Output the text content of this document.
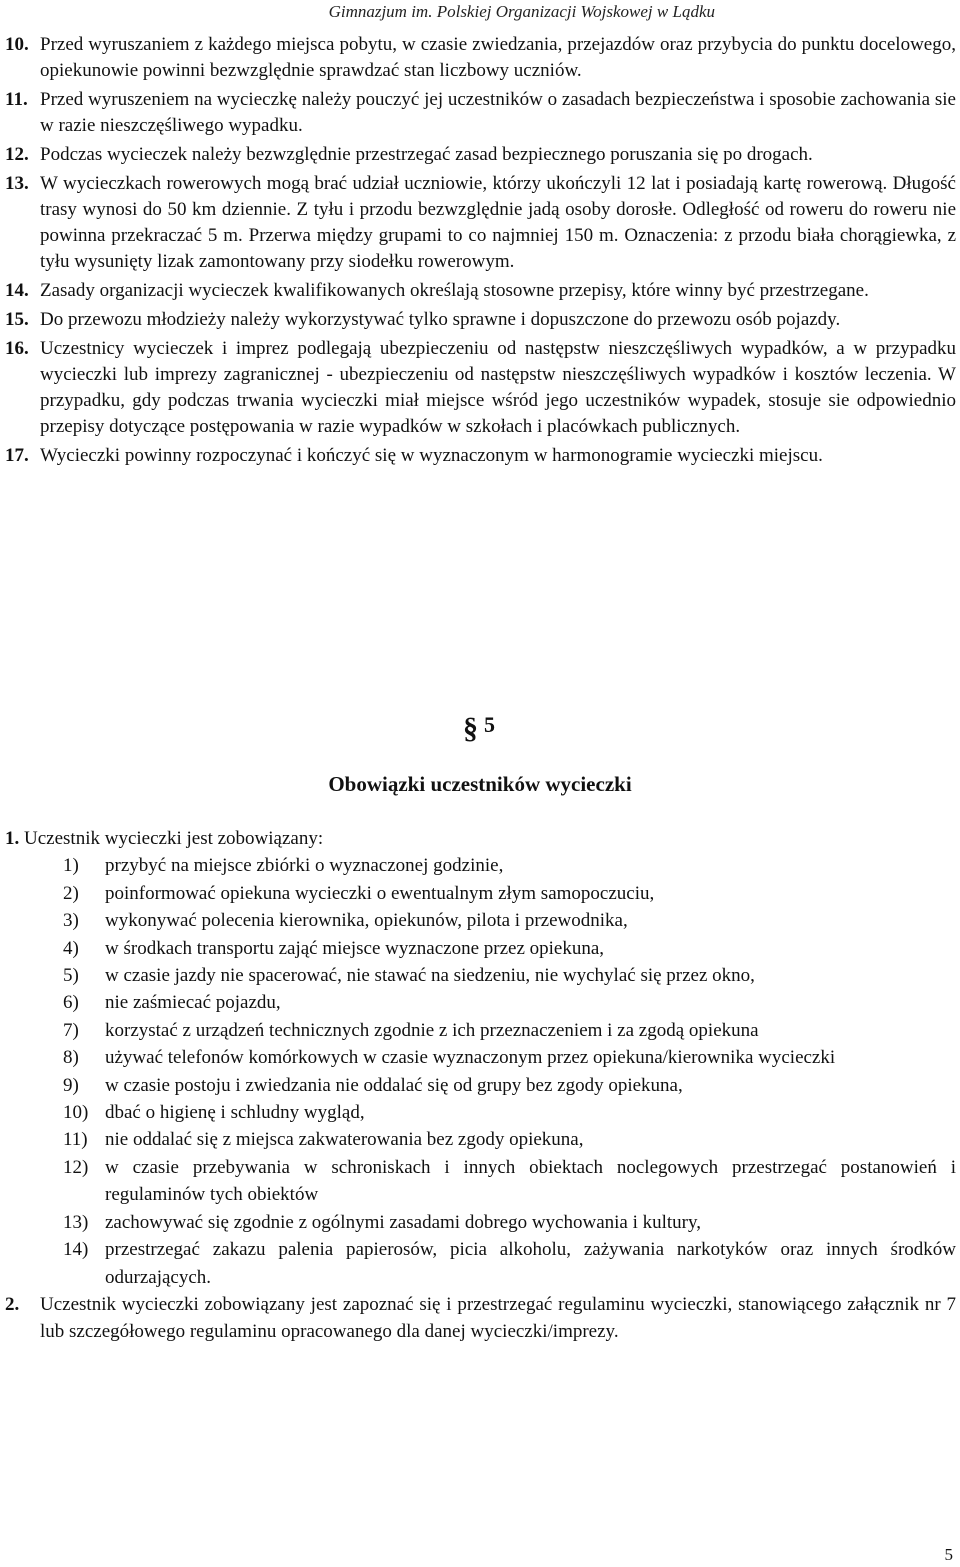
Gimnazjum im. Polskiej Organizacji Wojskowej w Lądku

10. Przed wyruszaniem z każdego miejsca pobytu, w czasie zwiedzania, przejazdów oraz przybycia do punktu docelowego, opiekunowie powinni bezwzględnie sprawdzać stan liczbowy uczniów.

11. Przed wyruszeniem na wycieczkę należy pouczyć jej uczestników o zasadach bezpieczeństwa i sposobie zachowania sie w razie nieszczęśliwego wypadku.

12. Podczas wycieczek należy bezwzględnie przestrzegać zasad bezpiecznego poruszania się po drogach.

13. W wycieczkach rowerowych mogą brać udział uczniowie, którzy ukończyli 12 lat i posiadają kartę rowerową. Długość trasy wynosi do 50 km dziennie. Z tyłu i przodu bezwzględnie jadą osoby dorosłe. Odległość od roweru do roweru nie powinna przekraczać 5 m. Przerwa między grupami to co najmniej 150 m. Oznaczenia: z przodu biała chorągiewka, z tyłu wysunięty lizak zamontowany przy siodełku rowerowym.

14. Zasady organizacji wycieczek kwalifikowanych określają stosowne przepisy, które winny być przestrzegane.

15. Do przewozu młodzieży należy wykorzystywać tylko sprawne i dopuszczone do przewozu osób pojazdy.

16. Uczestnicy wycieczek i imprez podlegają ubezpieczeniu od następstw nieszczęśliwych wypadków, a w przypadku wycieczki lub imprezy zagranicznej - ubezpieczeniu od następstw nieszczęśliwych wypadków i kosztów leczenia. W przypadku, gdy podczas trwania wycieczki miał miejsce wśród jego uczestników wypadek, stosuje sie odpowiednio przepisy dotyczące postępowania w razie wypadków w szkołach i placówkach publicznych.

17. Wycieczki powinny rozpoczynać i kończyć się w wyznaczonym w harmonogramie wycieczki miejscu.

§ 5
Obowiązki uczestników wycieczki

1. Uczestnik wycieczki jest zobowiązany:

1) przybyć na miejsce zbiórki o wyznaczonej godzinie,
2) poinformować opiekuna wycieczki o ewentualnym złym samopoczuciu,
3) wykonywać polecenia kierownika, opiekunów, pilota i przewodnika,
4) w środkach transportu zająć miejsce wyznaczone przez opiekuna,
5) w czasie jazdy nie spacerować, nie stawać na siedzeniu, nie wychylać się przez okno,
6) nie zaśmiecać pojazdu,
7) korzystać z urządzeń technicznych zgodnie z ich przeznaczeniem i za zgodą opiekuna
8) używać telefonów komórkowych w czasie wyznaczonym przez opiekuna/kierownika wycieczki
9) w czasie postoju i zwiedzania nie oddalać się od grupy bez zgody opiekuna,
10) dbać o higienę i schludny wygląd,
11) nie oddalać się z miejsca zakwaterowania bez zgody opiekuna,
12) w czasie przebywania w schroniskach i innych obiektach noclegowych przestrzegać postanowień i regulaminów tych obiektów
13) zachowywać się zgodnie z ogólnymi zasadami dobrego wychowania i kultury,
14) przestrzegać zakazu palenia papierosów, picia alkoholu, zażywania narkotyków oraz innych środków odurzających.

2. Uczestnik wycieczki zobowiązany jest zapoznać się i przestrzegać regulaminu wycieczki, stanowiącego załącznik nr 7 lub szczegółowego regulaminu opracowanego dla danej wycieczki/imprezy.

5
